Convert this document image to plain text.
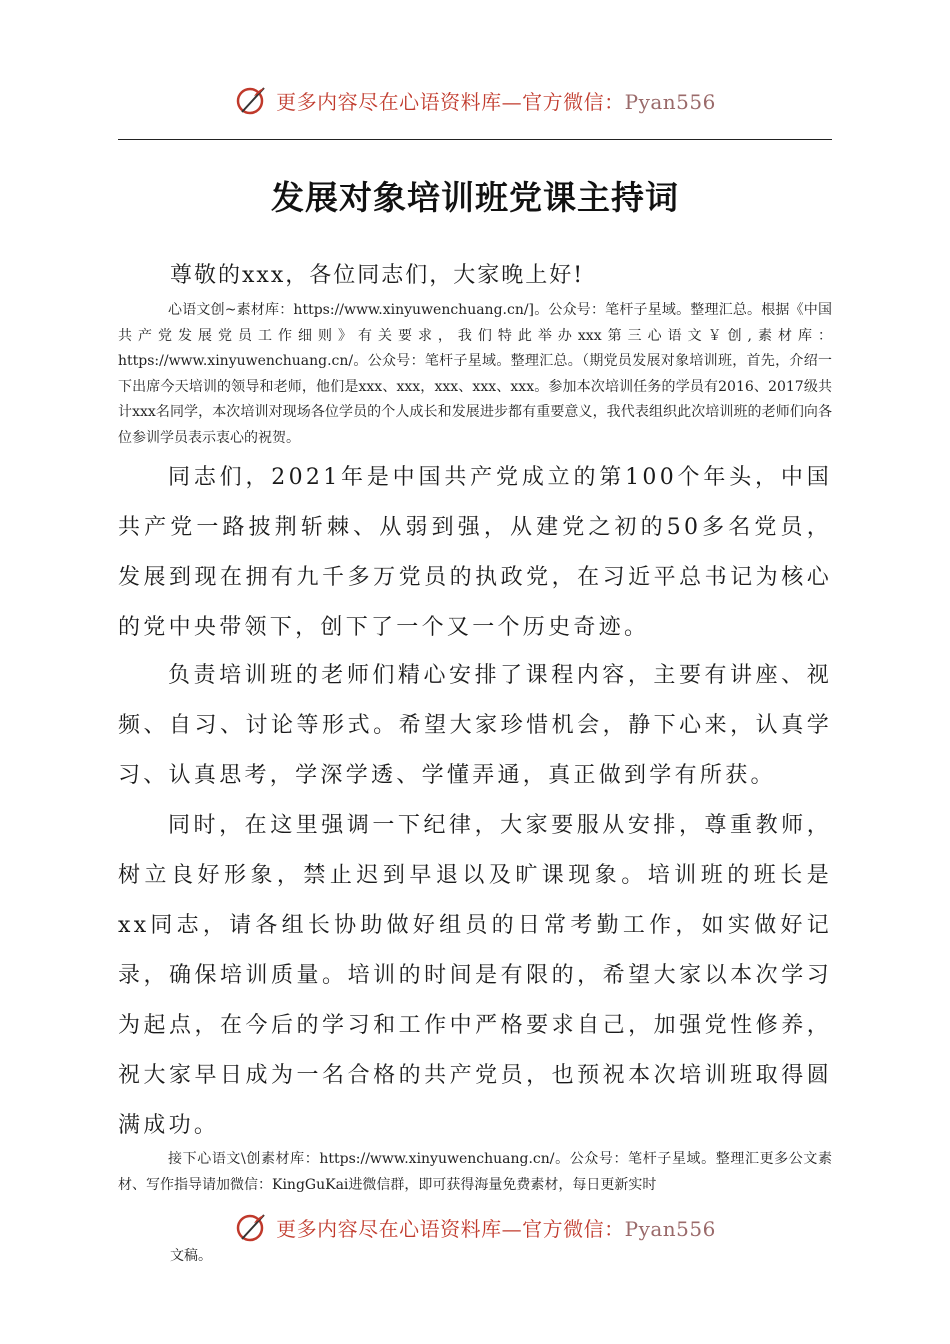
更多内容尽在心语资料库—官方微信：Pyan556
发展对象培训班党课主持词
尊敬的xxx，各位同志们，大家晚上好!

心语文创~素材库：https://www.xinyuwenchuang.cn/]。公众号：笔杆子星域。整理汇总。根据《中国共产党发展党员工作细则》有关要求，我们特此举办xxx第三心语文￥创,素材库：https://www.xinyuwenchuang.cn/。公众号：笔杆子星域。整理汇总。（期党员发展对象培训班，首先，介绍一下出席今天培训的领导和老师，他们是xxx、xxx，xxx、xxx、xxx。参加本次培训任务的学员有2016、2017级共计xxx名同学，本次培训对现场各位学员的个人成长和发展进步都有重要意义，我代表组织此次培训班的老师们向各位参训学员表示衷心的祝贺。

同志们，2021年是中国共产党成立的第100个年头，中国共产党一路披荆斩棘、从弱到强，从建党之初的50多名党员，发展到现在拥有九千多万党员的执政党，在习近平总书记为核心的党中央带领下，创下了一个又一个历史奇迹。

负责培训班的老师们精心安排了课程内容，主要有讲座、视频、自习、讨论等形式。希望大家珍惜机会，静下心来，认真学习、认真思考，学深学透、学懂弄通，真正做到学有所获。

同时，在这里强调一下纪律，大家要服从安排，尊重教师，树立良好形象，禁止迟到早退以及旷课现象。培训班的班长是xx同志，请各组长协助做好组员的日常考勤工作，如实做好记录，确保培训质量。培训的时间是有限的，希望大家以本次学习为起点，在今后的学习和工作中严格要求自己，加强党性修养，祝大家早日成为一名合格的共产党员，也预祝本次培训班取得圆满成功。

接下心语文\创素材库：https://www.xinyuwenchuang.cn/。公众号：笔杆子星域。整理汇更多公文素材、写作指导请加微信：KingGuKai进微信群，即可获得海量免费素材，每日更新实时

更多内容尽在心语资料库—官方微信：Pyan556
文稿。
